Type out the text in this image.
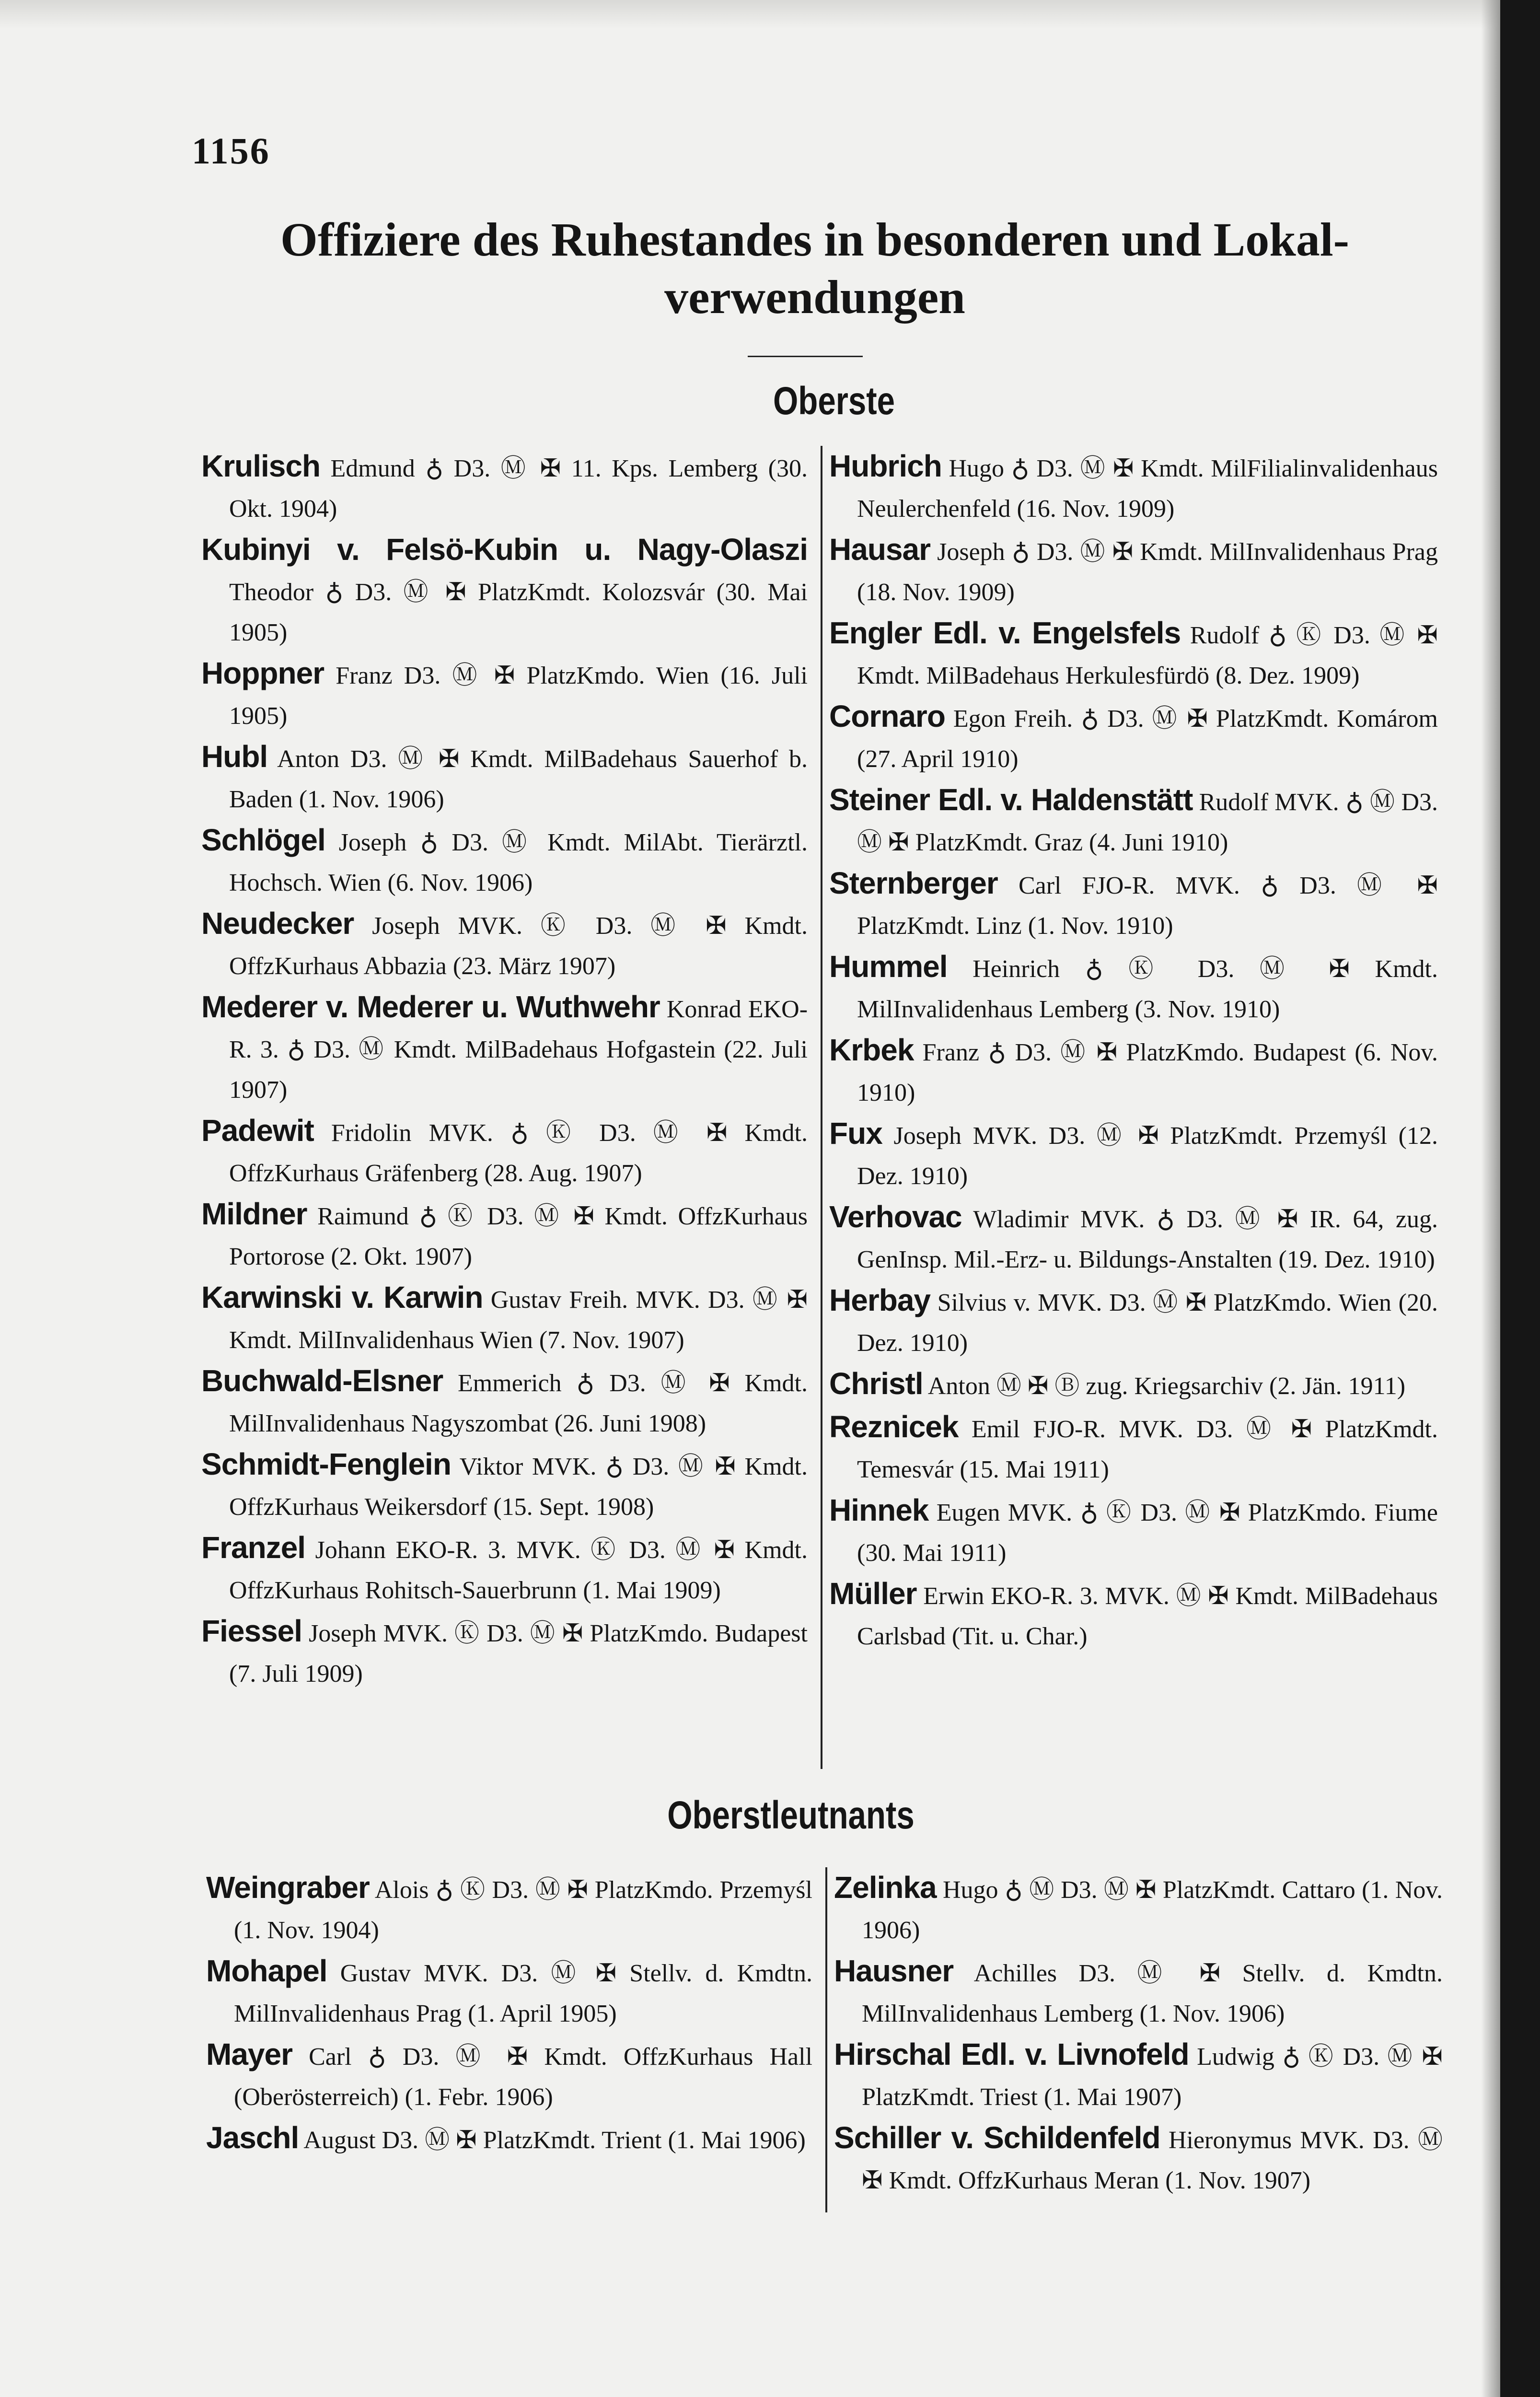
1156
Offiziere des Ruhestandes in besonderen und Lokal-verwendungen
Oberste

Krulisch Edmund ♁ D3. Ⓜ ✠ 11. Kps. Lemberg (30. Okt. 1904)

Kubinyi v. Felsö-Kubin u. Nagy-Olaszi Theodor ♁ D3. Ⓜ ✠ PlatzKmdt. Kolozsvár (30. Mai 1905)

Hoppner Franz D3. Ⓜ ✠ PlatzKmdo. Wien (16. Juli 1905)

Hubl Anton D3. Ⓜ ✠ Kmdt. MilBadehaus Sauerhof b. Baden (1. Nov. 1906)

Schlögel Joseph ♁ D3. Ⓜ Kmdt. MilAbt. Tierärztl. Hochsch. Wien (6. Nov. 1906)

Neudecker Joseph MVK. Ⓚ D3. Ⓜ ✠ Kmdt. OffzKurhaus Abbazia (23. März 1907)

Mederer v. Mederer u. Wuthwehr Konrad EKO-R. 3. ♁ D3. Ⓜ Kmdt. MilBadehaus Hofgastein (22. Juli 1907)

Padewit Fridolin MVK. ♁ Ⓚ D3. Ⓜ ✠ Kmdt. OffzKurhaus Gräfenberg (28. Aug. 1907)

Mildner Raimund ♁ Ⓚ D3. Ⓜ ✠ Kmdt. OffzKurhaus Portorose (2. Okt. 1907)

Karwinski v. Karwin Gustav Freih. MVK. D3. Ⓜ ✠ Kmdt. MilInvalidenhaus Wien (7. Nov. 1907)

Buchwald-Elsner Emmerich ♁ D3. Ⓜ ✠ Kmdt. MilInvalidenhaus Nagyszombat (26. Juni 1908)

Schmidt-Fenglein Viktor MVK. ♁ D3. Ⓜ ✠ Kmdt. OffzKurhaus Weikersdorf (15. Sept. 1908)

Franzel Johann EKO-R. 3. MVK. Ⓚ D3. Ⓜ ✠ Kmdt. OffzKurhaus Rohitsch-Sauerbrunn (1. Mai 1909)

Fiessel Joseph MVK. Ⓚ D3. Ⓜ ✠ PlatzKmdo. Budapest (7. Juli 1909)

Hubrich Hugo ♁ D3. Ⓜ ✠ Kmdt. MilFilialinvalidenhaus Neulerchenfeld (16. Nov. 1909)

Hausar Joseph ♁ D3. Ⓜ ✠ Kmdt. MilInvalidenhaus Prag (18. Nov. 1909)

Engler Edl. v. Engelsfels Rudolf ♁ Ⓚ D3. Ⓜ ✠ Kmdt. MilBadehaus Herkulesfürdö (8. Dez. 1909)

Cornaro Egon Freih. ♁ D3. Ⓜ ✠ PlatzKmdt. Komárom (27. April 1910)

Steiner Edl. v. Haldenstätt Rudolf MVK. ♁ Ⓜ D3. Ⓜ ✠ PlatzKmdt. Graz (4. Juni 1910)

Sternberger Carl FJO-R. MVK. ♁ D3. Ⓜ ✠ PlatzKmdt. Linz (1. Nov. 1910)

Hummel Heinrich ♁ Ⓚ D3. Ⓜ ✠ Kmdt. MilInvalidenhaus Lemberg (3. Nov. 1910)

Krbek Franz ♁ D3. Ⓜ ✠ PlatzKmdo. Budapest (6. Nov. 1910)

Fux Joseph MVK. D3. Ⓜ ✠ PlatzKmdt. Przemyśl (12. Dez. 1910)

Verhovac Wladimir MVK. ♁ D3. Ⓜ ✠ IR. 64, zug. GenInsp. Mil.-Erz- u. Bildungs-Anstalten (19. Dez. 1910)

Herbay Silvius v. MVK. D3. Ⓜ ✠ PlatzKmdo. Wien (20. Dez. 1910)

Christl Anton Ⓜ ✠ Ⓑ zug. Kriegsarchiv (2. Jän. 1911)

Reznicek Emil FJO-R. MVK. D3. Ⓜ ✠ PlatzKmdt. Temesvár (15. Mai 1911)

Hinnek Eugen MVK. ♁ Ⓚ D3. Ⓜ ✠ PlatzKmdo. Fiume (30. Mai 1911)

Müller Erwin EKO-R. 3. MVK. Ⓜ ✠ Kmdt. MilBadehaus Carlsbad (Tit. u. Char.)

Oberstleutnants

Weingraber Alois ♁ Ⓚ D3. Ⓜ ✠ PlatzKmdo. Przemyśl (1. Nov. 1904)

Mohapel Gustav MVK. D3. Ⓜ ✠ Stellv. d. Kmdtn. MilInvalidenhaus Prag (1. April 1905)

Mayer Carl ♁ D3. Ⓜ ✠ Kmdt. OffzKurhaus Hall (Oberösterreich) (1. Febr. 1906)

Jaschl August D3. Ⓜ ✠ PlatzKmdt. Trient (1. Mai 1906)

Zelinka Hugo ♁ Ⓜ D3. Ⓜ ✠ PlatzKmdt. Cattaro (1. Nov. 1906)

Hausner Achilles D3. Ⓜ ✠ Stellv. d. Kmdtn. MilInvalidenhaus Lemberg (1. Nov. 1906)

Hirschal Edl. v. Livnofeld Ludwig ♁ Ⓚ D3. Ⓜ ✠ PlatzKmdt. Triest (1. Mai 1907)

Schiller v. Schildenfeld Hieronymus MVK. D3. Ⓜ ✠ Kmdt. OffzKurhaus Meran (1. Nov. 1907)
